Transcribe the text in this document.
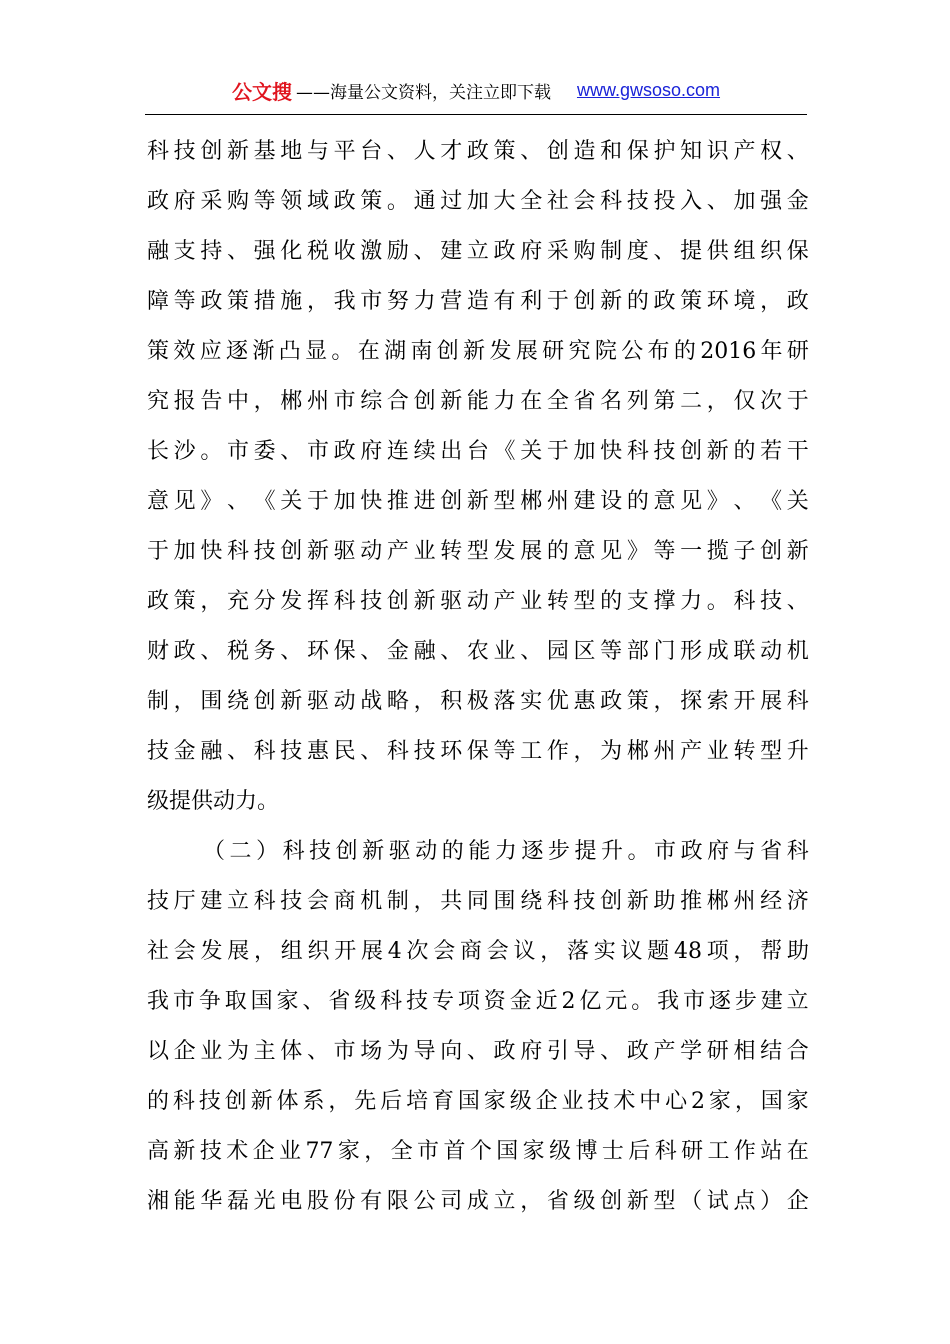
公文搜 ——海量公文资料，关注立即下载 www.gwsoso.com
科 技 创 新 基 地 与 平 台 、 人 才 政 策 、 创 造 和 保 护 知 识 产 权 、
政 府 采 购 等 领 域 政 策 。 通 过 加 大 全 社 会 科 技 投 入 、 加 强 金
融 支 持 、 强 化 税 收 激 励 、 建 立 政 府 采 购 制 度 、 提 供 组 织 保
障 等 政 策 措 施 ， 我 市 努 力 营 造 有 利 于 创 新 的 政 策 环 境 ， 政
策 效 应 逐 渐 凸 显 。 在 湖 南 创 新 发 展 研 究 院 公 布 的 2016 年 研
究 报 告 中 ， 郴 州 市 综 合 创 新 能 力 在 全 省 名 列 第 二 ， 仅 次 于
长 沙 。 市 委 、 市 政 府 连 续 出 台 《 关 于 加 快 科 技 创 新 的 若 干
意 见 》 、 《 关 于 加 快 推 进 创 新 型 郴 州 建 设 的 意 见 》 、 《 关
于 加 快 科 技 创 新 驱 动 产 业 转 型 发 展 的 意 见 》 等 一 揽 子 创 新
政 策 ， 充 分 发 挥 科 技 创 新 驱 动 产 业 转 型 的 支 撑 力 。 科 技 、
财 政 、 税 务 、 环 保 、 金 融 、 农 业 、 园 区 等 部 门 形 成 联 动 机
制 ， 围 绕 创 新 驱 动 战 略 ， 积 极 落 实 优 惠 政 策 ， 探 索 开 展 科
技 金 融 、 科 技 惠 民 、 科 技 环 保 等 工 作 ， 为 郴 州 产 业 转 型 升
级提供动力。
（ 二 ） 科 技 创 新 驱 动 的 能 力 逐 步 提 升 。 市 政 府 与 省 科
技 厅 建 立 科 技 会 商 机 制 ， 共 同 围 绕 科 技 创 新 助 推 郴 州 经 济
社 会 发 展 ， 组 织 开 展 4 次 会 商 会 议 ， 落 实 议 题 48 项 ， 帮 助
我 市 争 取 国 家 、 省 级 科 技 专 项 资 金 近 2 亿 元 。 我 市 逐 步 建 立
以 企 业 为 主 体 、 市 场 为 导 向 、 政 府 引 导 、 政 产 学 研 相 结 合
的 科 技 创 新 体 系 ， 先 后 培 育 国 家 级 企 业 技 术 中 心 2 家 ， 国 家
高 新 技 术 企 业 77 家 ， 全 市 首 个 国 家 级 博 士 后 科 研 工 作 站 在
湘 能 华 磊 光 电 股 份 有 限 公 司 成 立 ， 省 级 创 新 型 （ 试 点 ） 企
